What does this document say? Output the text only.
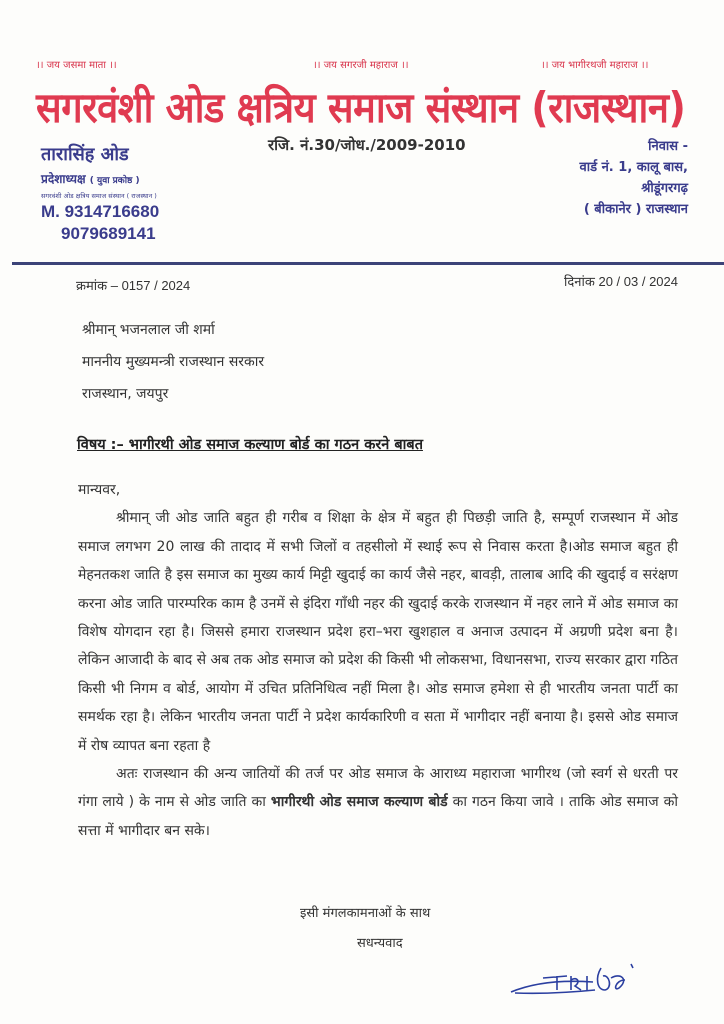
।। जय जसमा माता ।।	।। जय सगरजी महाराज ।।	।। जय भागीरथजी महाराज ।।
सगरवंशी ओड क्षत्रिय समाज संस्थान (राजस्थान)
रजि. नं.30/जोध./2009-2010
तारासिंह ओड
प्रदेशाध्यक्ष ( युवा प्रकोष्ठ )
सगरवंशी ओड क्षत्रिय समाज संस्थान ( राजस्थान )
M. 9314716680
9079689141
निवास -
वार्ड नं. 1, कालू बास,
श्रीडूंगरगढ़
( बीकानेर ) राजस्थान
क्रमांक – 0157 / 2024	दिनांक 20 / 03 / 2024
श्रीमान् भजनलाल जी शर्मा
माननीय मुख्यमन्त्री राजस्थान सरकार
राजस्थान, जयपुर
विषय :– भागीरथी ओड समाज कल्याण बोर्ड का गठन करने बाबत

मान्यवर,

श्रीमान् जी ओड जाति बहुत ही गरीब व शिक्षा के क्षेत्र में बहुत ही पिछड़ी जाति है, सम्पूर्ण राजस्थान में ओड समाज लगभग 20 लाख की तादाद में सभी जिलों व तहसीलो में स्थाई रूप से निवास करता है।ओड समाज बहुत ही मेहनतकश जाति है इस समाज का मुख्य कार्य मिट्टी खुदाई का कार्य जैसे नहर, बावड़ी, तालाब आदि की खुदाई व सरंक्षण करना ओड जाति पारम्परिक काम है उनमें से इंदिरा गाँधी नहर की खुदाई करके राजस्थान में नहर लाने में ओड समाज का विशेष योगदान रहा है। जिससे हमारा राजस्थान प्रदेश हरा–भरा खुशहाल व अनाज उत्पादन में अग्रणी प्रदेश बना है। लेकिन आजादी के बाद से अब तक ओड समाज को प्रदेश की किसी भी लोकसभा, विधानसभा, राज्य सरकार द्वारा गठित किसी भी निगम व बोर्ड, आयोग में उचित प्रतिनिधित्व नहीं मिला है। ओड समाज हमेशा से ही भारतीय जनता पार्टी का समर्थक रहा है। लेकिन भारतीय जनता पार्टी ने प्रदेश कार्यकारिणी व सता में भागीदार नहीं बनाया है। इससे ओड समाज में रोष व्यापत बना रहता है

अतः राजस्थान की अन्य जातियों की तर्ज पर ओड समाज के आराध्य महाराजा भागीरथ (जो स्वर्ग से धरती पर गंगा लाये ) के नाम से ओड जाति का भागीरथी ओड समाज कल्याण बोर्ड का गठन किया जावे । ताकि ओड समाज को सत्ता में भागीदार बन सके।

इसी मंगलकामनाओं के साथ
सधन्यवाद
